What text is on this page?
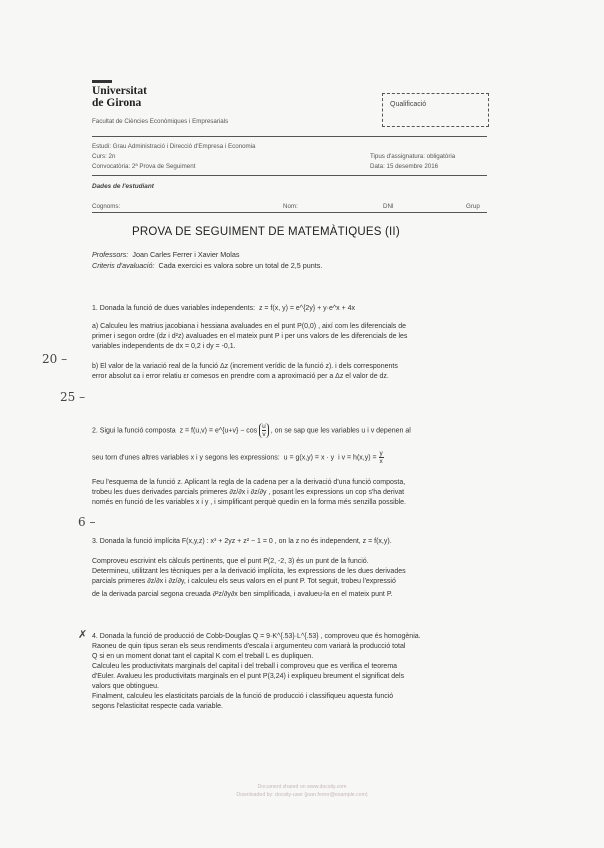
Universitat
de Girona
Facultat de Ciències Econòmiques i Empresarials
Qualificació
Estudi: Grau Administració i Direcció d'Empresa i Economia
Curs: 2n
Convocatòria: 2ª Prova de Seguiment
Tipus d'assignatura: obligatòria
Data: 15 desembre 2016
Dades de l'estudiant
Cognoms:	Nom:	DNI	Grup
PROVA DE SEGUIMENT DE MATEMÀTIQUES (II)
Professors: Joan Carles Ferrer i Xavier Molas
Criteris d'avaluació: Cada exercici es valora sobre un total de 2,5 punts.
1. Donada la funció de dues variables independents: z = f(x, y) = e^{2y} + y·e^x + 4x
a) Calculeu les matrius jacobiana i hessiana avaluades en el punt P(0,0) , així com les diferencials de
primer i segon ordre (dz i d²z) avaluades en el mateix punt P i per uns valors de les diferencials de les
variables independents de dx = 0,2 i dy = -0,1.
b) El valor de la variació real de la funció Δz (increment verídic de la funció z). i dels corresponents
error absolut εa i error relatiu εr comesos en prendre com a aproximació per a Δz el valor de dz.
2. Sigui la funció composta z = f(u,v) = e^{u+v} − $\cos \frac{u}{v}$ , on se sap que les variables u i v depenen al
seu torn d'unes altres variables x i y segons les expressions: u = g(x,y) = x · y i $v = h(x,y) = \frac{y}{x}$
Feu l'esquema de la funció z. Aplicant la regla de la cadena per a la derivació d'una funció composta,
trobeu les dues derivades parcials primeres ∂z/∂x i ∂z/∂y , posant les expressions un cop s'ha derivat
només en funció de les variables x i y , i simplificant perquè quedin en la forma més senzilla possible.
3. Donada la funció implícita F(x,y,z) : x³ + 2yz + z² − 1 = 0 , on la z no és independent, z = f(x,y).
Comproveu escrivint els càlculs pertinents, que el punt P(2, -2, 3) és un punt de la funció.
Determineu, utilitzant les tècniques per a la derivació implícita, les expressions de les dues derivades
parcials primeres ∂z/∂x i ∂z/∂y, i calculeu els seus valors en el punt P. Tot seguit, trobeu l'expressió
de la derivada parcial segona creuada ∂²z/∂y∂x ben simplificada, i avalueu-la en el mateix punt P.
4. Donada la funció de producció de Cobb-Douglas Q = 9·K^{.53}·L^{.53} , comproveu que és homogènia.
Raoneu de quin tipus seran els seus rendiments d'escala i argumenteu com variarà la producció total
Q si en un moment donat tant el capital K com el treball L es dupliquen.
Calculeu les productivitats marginals del capital i del treball i comproveu que es verifica el teorema
d'Euler. Avalueu les productivitats marginals en el punt P(3,24) i expliqueu breument el significat dels
valors que obtingueu.
Finalment, calculeu les elasticitats parcials de la funció de producció i classifiqueu aquesta funció
segons l'elasticitat respecte cada variable.
20 –
25 –
6 –
✗
Document shared on www.docsity.com
Downloaded by: docsity-user (joan.ferrer@example.com)
